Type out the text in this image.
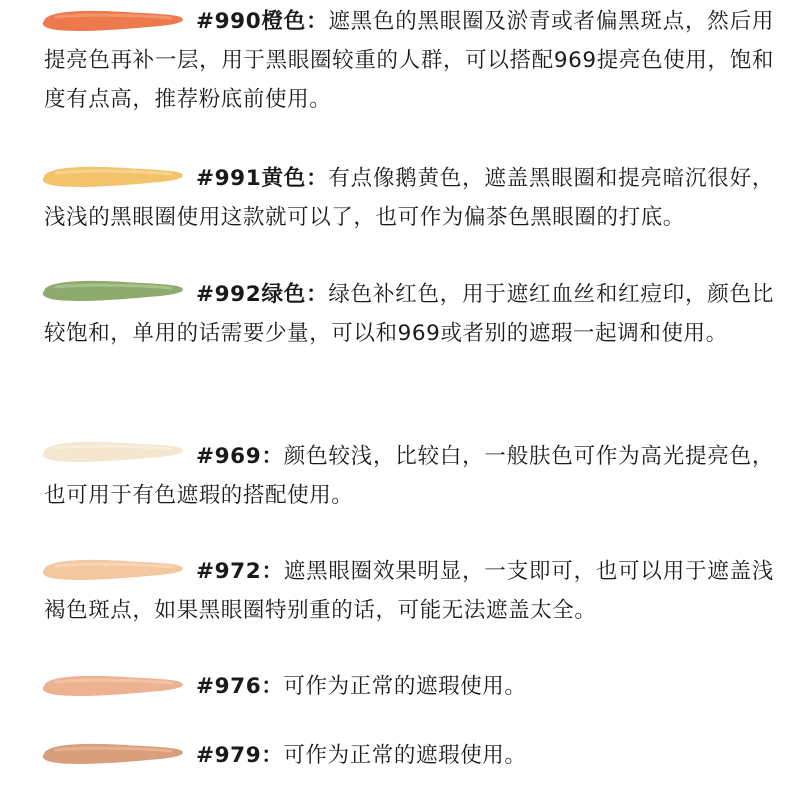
#990橙色：遮黑色的黑眼圈及淤青或者偏黑斑点，然后用提亮色再补一层，用于黑眼圈较重的人群，可以搭配969提亮色使用，饱和度有点高，推荐粉底前使用。

#991黄色：有点像鹅黄色，遮盖黑眼圈和提亮暗沉很好，浅浅的黑眼圈使用这款就可以了，也可作为偏茶色黑眼圈的打底。

#992绿色：绿色补红色，用于遮红血丝和红痘印，颜色比较饱和，单用的话需要少量，可以和969或者别的遮瑕一起调和使用。

#969：颜色较浅，比较白，一般肤色可作为高光提亮色，也可用于有色遮瑕的搭配使用。

#972：遮黑眼圈效果明显，一支即可，也可以用于遮盖浅褐色斑点，如果黑眼圈特别重的话，可能无法遮盖太全。

#976：可作为正常的遮瑕使用。

#979：可作为正常的遮瑕使用。
